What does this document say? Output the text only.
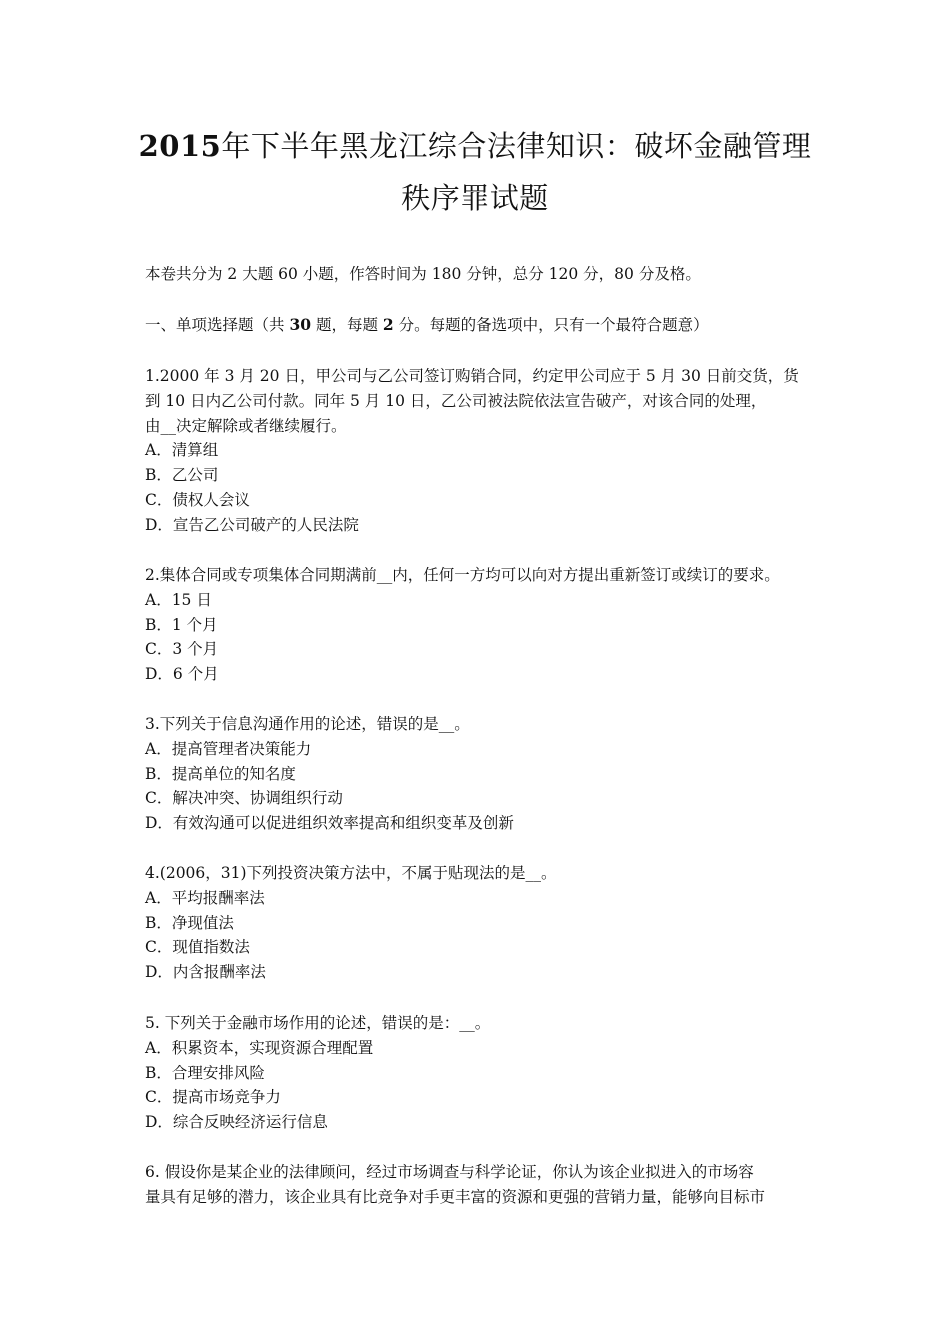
2015年下半年黑龙江综合法律知识：破坏金融管理
秩序罪试题
本卷共分为 2 大题 60 小题，作答时间为 180 分钟，总分 120 分，80 分及格。
一、单项选择题（共 30 题，每题 2 分。每题的备选项中，只有一个最符合题意）
1.2000 年 3 月 20 日，甲公司与乙公司签订购销合同，约定甲公司应于 5 月 30 日前交货，货
到 10 日内乙公司付款。同年 5 月 10 日，乙公司被法院依法宣告破产，对该合同的处理，
由__决定解除或者继续履行。
A．清算组
B．乙公司
C．债权人会议
D．宣告乙公司破产的人民法院
2.集体合同或专项集体合同期满前__内，任何一方均可以向对方提出重新签订或续订的要求。
A．15 日
B．1 个月
C．3 个月
D．6 个月
3.下列关于信息沟通作用的论述，错误的是__。
A．提高管理者决策能力
B．提高单位的知名度
C．解决冲突、协调组织行动
D．有效沟通可以促进组织效率提高和组织变革及创新
4.(2006，31)下列投资决策方法中，不属于贴现法的是__。
A．平均报酬率法
B．净现值法
C．现值指数法
D．内含报酬率法
5. 下列关于金融市场作用的论述，错误的是：__。
A．积累资本，实现资源合理配置
B．合理安排风险
C．提高市场竞争力
D．综合反映经济运行信息
6. 假设你是某企业的法律顾问，经过市场调查与科学论证，你认为该企业拟进入的市场容
量具有足够的潜力，该企业具有比竞争对手更丰富的资源和更强的营销力量，能够向目标市
